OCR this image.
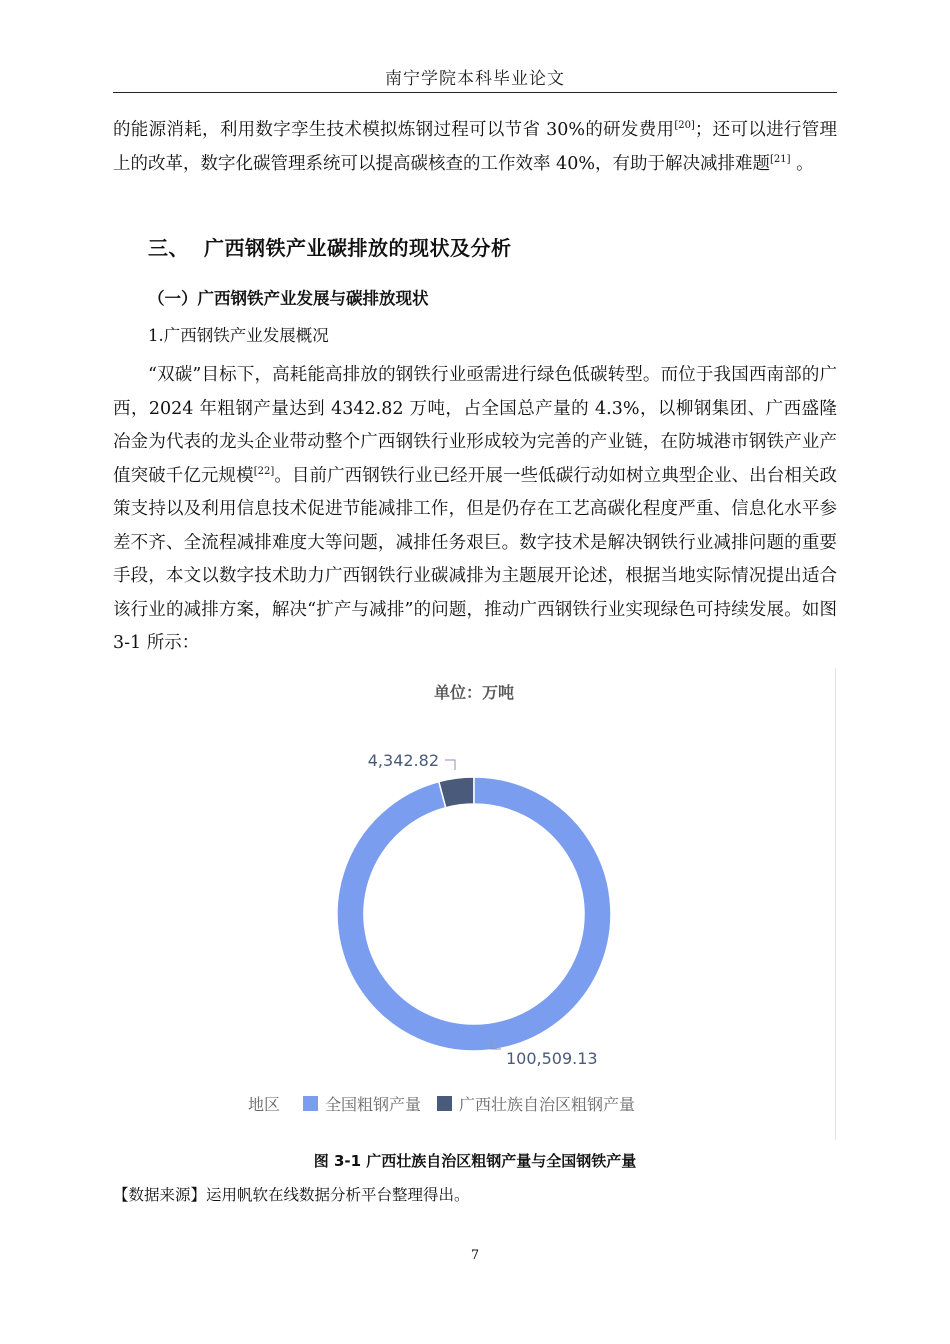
南宁学院本科毕业论文
的能源消耗，利用数字孪生技术模拟炼钢过程可以节省 30%的研发费用[20]；还可以进行管理上的改革，数字化碳管理系统可以提高碳核查的工作效率 40%，有助于解决减排难题[21] 。
三、 广西钢铁产业碳排放的现状及分析
（一）广西钢铁产业发展与碳排放现状
1.广西钢铁产业发展概况
“双碳”目标下，高耗能高排放的钢铁行业亟需进行绿色低碳转型。而位于我国西南部的广西，2024 年粗钢产量达到 4342.82 万吨，占全国总产量的 4.3%，以柳钢集团、广西盛隆冶金为代表的龙头企业带动整个广西钢铁行业形成较为完善的产业链，在防城港市钢铁产业产值突破千亿元规模[22]。目前广西钢铁行业已经开展一些低碳行动如树立典型企业、出台相关政策支持以及利用信息技术促进节能减排工作，但是仍存在工艺高碳化程度严重、信息化水平参差不齐、全流程减排难度大等问题，减排任务艰巨。数字技术是解决钢铁行业减排问题的重要手段，本文以数字技术助力广西钢铁行业碳减排为主题展开论述，根据当地实际情况提出适合该行业的减排方案，解决“扩产与减排”的问题，推动广西钢铁行业实现绿色可持续发展。如图 3-1 所示：
单位：万吨
4,342.82
100,509.13
地区	全国粗钢产量 广西壮族自治区粗钢产量
图 3-1 广西壮族自治区粗钢产量与全国钢铁产量
【数据来源】运用帆软在线数据分析平台整理得出。
7
